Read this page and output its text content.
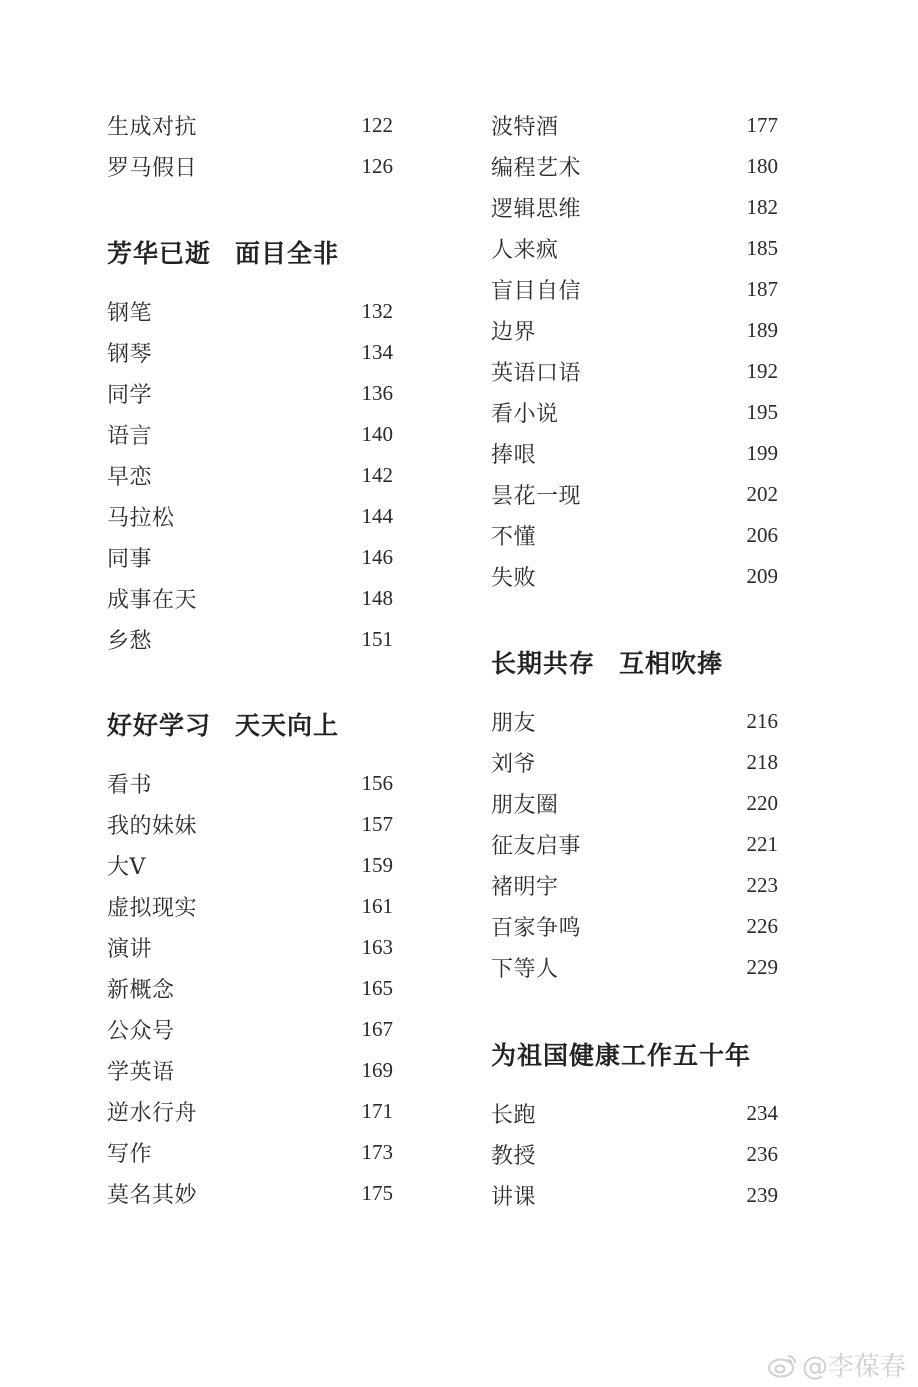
生成对抗	122
罗马假日	126
芳华已逝 面目全非
钢笔	132
钢琴	134
同学	136
语言	140
早恋	142
马拉松	144
同事	146
成事在天	148
乡愁	151
好好学习 天天向上
看书	156
我的妹妹	157
大V	159
虚拟现实	161
演讲	163
新概念	165
公众号	167
学英语	169
逆水行舟	171
写作	173
莫名其妙	175
波特酒	177
编程艺术	180
逻辑思维	182
人来疯	185
盲目自信	187
边界	189
英语口语	192
看小说	195
捧哏	199
昙花一现	202
不懂	206
失败	209
长期共存 互相吹捧
朋友	216
刘爷	218
朋友圈	220
征友启事	221
褚明宇	223
百家争鸣	226
下等人	229
为祖国健康工作五十年
长跑	234
教授	236
讲课	239
@李葆春
